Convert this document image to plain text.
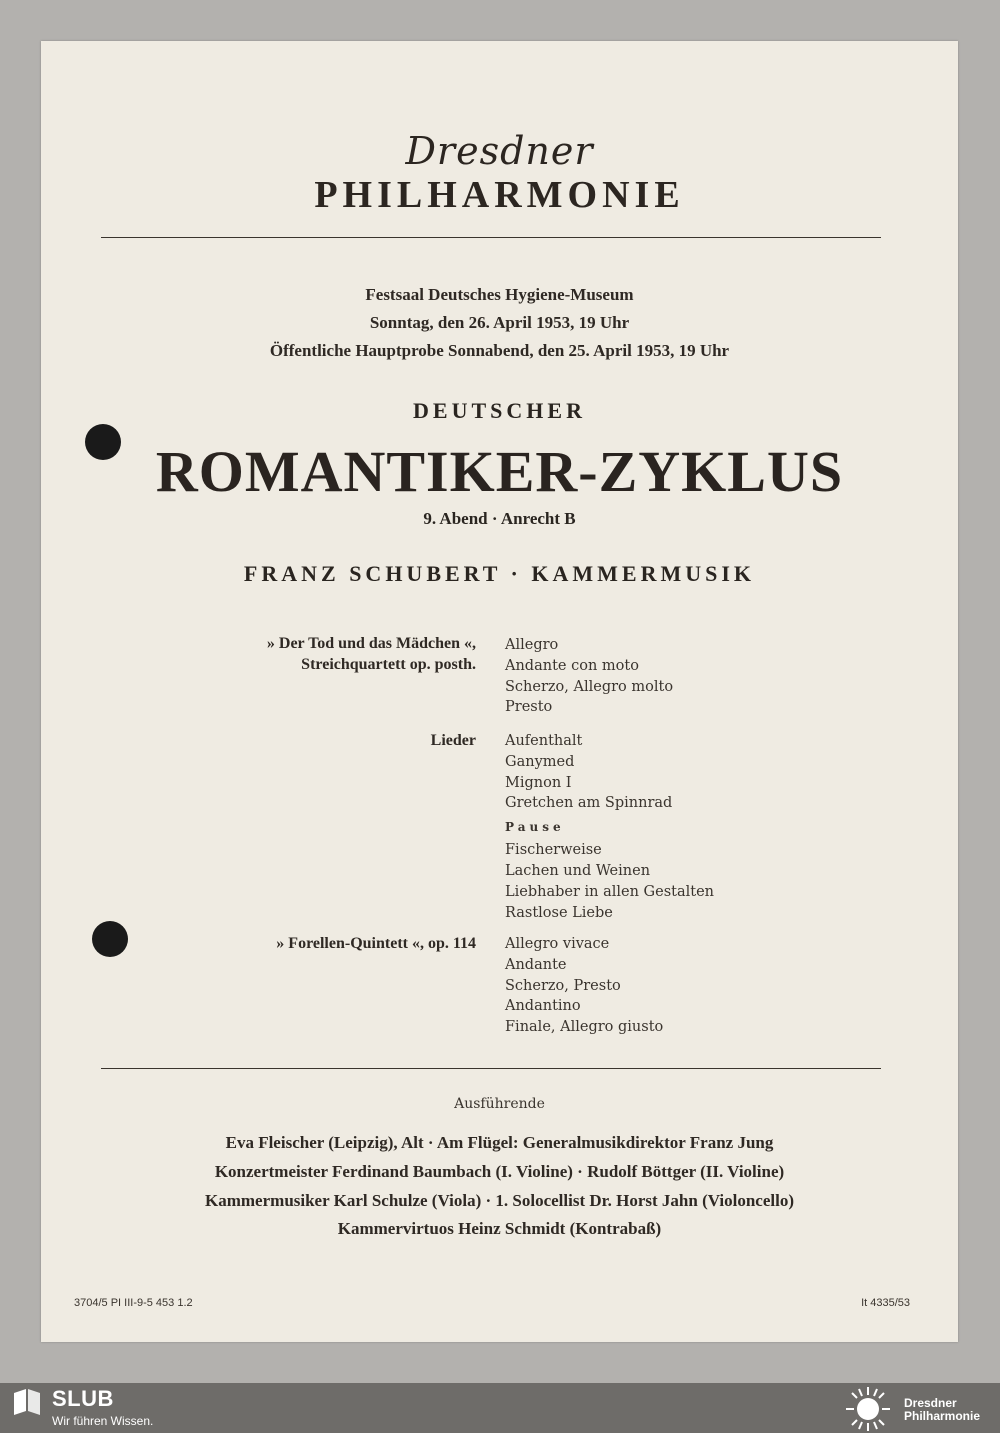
Dresdner
PHILHARMONIE
Festsaal Deutsches Hygiene-Museum
Sonntag, den 26. April 1953, 19 Uhr
Öffentliche Hauptprobe Sonnabend, den 25. April 1953, 19 Uhr
DEUTSCHER
ROMANTIKER-ZYKLUS
9. Abend · Anrecht B
FRANZ SCHUBERT · KAMMERMUSIK
» Der Tod und das Mädchen «,
Streichquartett op. posth.
Allegro
Andante con moto
Scherzo, Allegro molto
Presto
Lieder Aufenthalt
Ganymed
Mignon I
Gretchen am Spinnrad
Pause
Fischerweise
Lachen und Weinen
Liebhaber in allen Gestalten
Rastlose Liebe
» Forellen-Quintett «, op. 114 Allegro vivace
Andante
Scherzo, Presto
Andantino
Finale, Allegro giusto
Ausführende
Eva Fleischer (Leipzig), Alt · Am Flügel: Generalmusikdirektor Franz Jung
Konzertmeister Ferdinand Baumbach (I. Violine) · Rudolf Böttger (II. Violine)
Kammermusiker Karl Schulze (Viola) · 1. Solocellist Dr. Horst Jahn (Violoncello)
Kammervirtuos Heinz Schmidt (Kontrabaß)
3704/5 PI III-9-5 453 1.2	It 4335/53
SLUB
Wir führen Wissen.
Dresdner
Philharmonie
